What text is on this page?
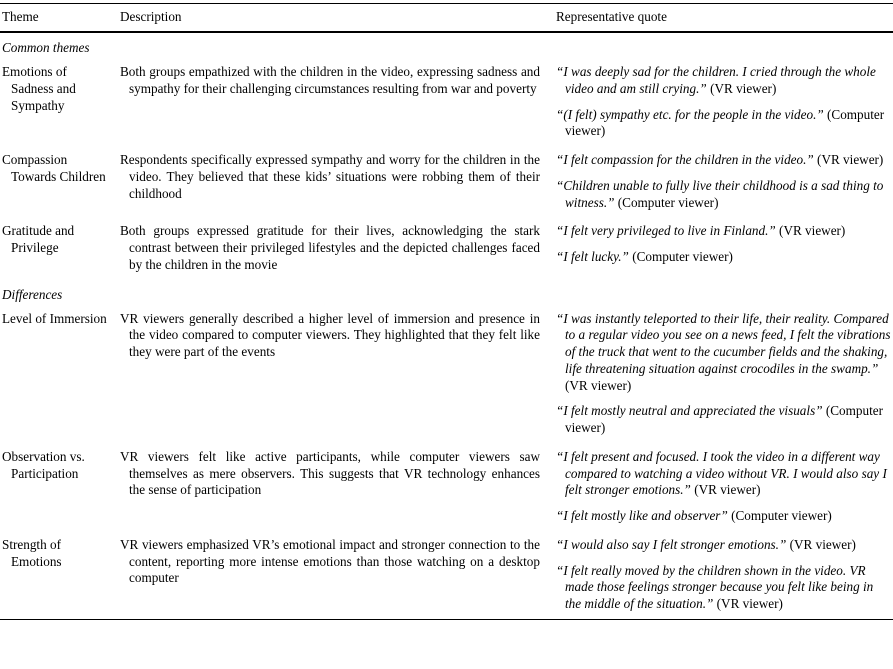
Theme	Description	Representative quote
Common themes		

Emotions of Sadness and Sympathy	Both groups empathized with the children in the video, expressing sadness and sympathy for their challenging circumstances resulting from war and poverty	“I was deeply sad for the children. I cried through the whole video and am still crying.” (VR viewer)
“(I felt) sympathy etc. for the people in the video.” (Computer viewer)

Compassion Towards Children	Respondents specifically expressed sympathy and worry for the children in the video. They believed that these kids’ situations were robbing them of their childhood	“I felt compassion for the children in the video.” (VR viewer)
“Children unable to fully live their childhood is a sad thing to witness.” (Computer viewer)

Gratitude and Privilege	Both groups expressed gratitude for their lives, acknowledging the stark contrast between their privileged lifestyles and the depicted challenges faced by the children in the movie	“I felt very privileged to live in Finland.” (VR viewer)
“I felt lucky.” (Computer viewer)

Differences		

Level of Immersion	VR viewers generally described a higher level of immersion and presence in the video compared to computer viewers. They highlighted that they felt like they were part of the events	“I was instantly teleported to their life, their reality. Compared to a regular video you see on a news feed, I felt the vibrations of the truck that went to the cucumber fields and the shaking, life threatening situation against crocodiles in the swamp.” (VR viewer)
“I felt mostly neutral and appreciated the visuals” (Computer viewer)

Observation vs. Participation	VR viewers felt like active participants, while computer viewers saw themselves as mere observers. This suggests that VR technology enhances the sense of participation	“I felt present and focused. I took the video in a different way compared to watching a video without VR. I would also say I felt stronger emotions.” (VR viewer)
“I felt mostly like and observer” (Computer viewer)

Strength of Emotions	VR viewers emphasized VR’s emotional impact and stronger connection to the content, reporting more intense emotions than those watching on a desktop computer	“I would also say I felt stronger emotions.” (VR viewer)
“I felt really moved by the children shown in the video. VR made those feelings stronger because you felt like being in the middle of the situation.” (VR viewer)
